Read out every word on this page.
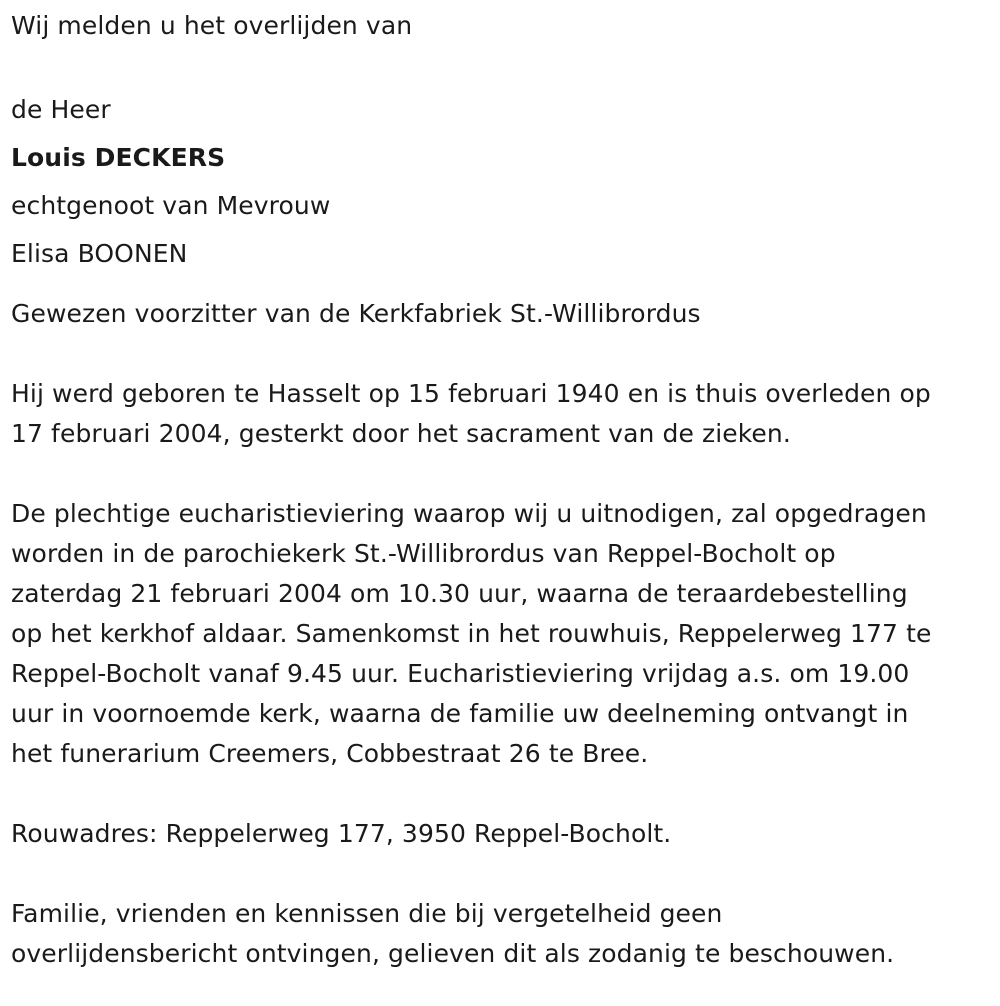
Wij melden u het overlijden van
de Heer
Louis DECKERS
echtgenoot van Mevrouw
Elisa BOONEN
Gewezen voorzitter van de Kerkfabriek St.-Willibrordus
Hij werd geboren te Hasselt op 15 februari 1940 en is thuis overleden op
17 februari 2004, gesterkt door het sacrament van de zieken.
De plechtige eucharistieviering waarop wij u uitnodigen, zal opgedragen
worden in de parochiekerk St.-Willibrordus van Reppel-Bocholt op
zaterdag 21 februari 2004 om 10.30 uur, waarna de teraardebestelling
op het kerkhof aldaar. Samenkomst in het rouwhuis, Reppelerweg 177 te
Reppel-Bocholt vanaf 9.45 uur. Eucharistieviering vrijdag a.s. om 19.00
uur in voornoemde kerk, waarna de familie uw deelneming ontvangt in
het funerarium Creemers, Cobbestraat 26 te Bree.
Rouwadres: Reppelerweg 177, 3950 Reppel-Bocholt.
Familie, vrienden en kennissen die bij vergetelheid geen
overlijdensbericht ontvingen, gelieven dit als zodanig te beschouwen.
